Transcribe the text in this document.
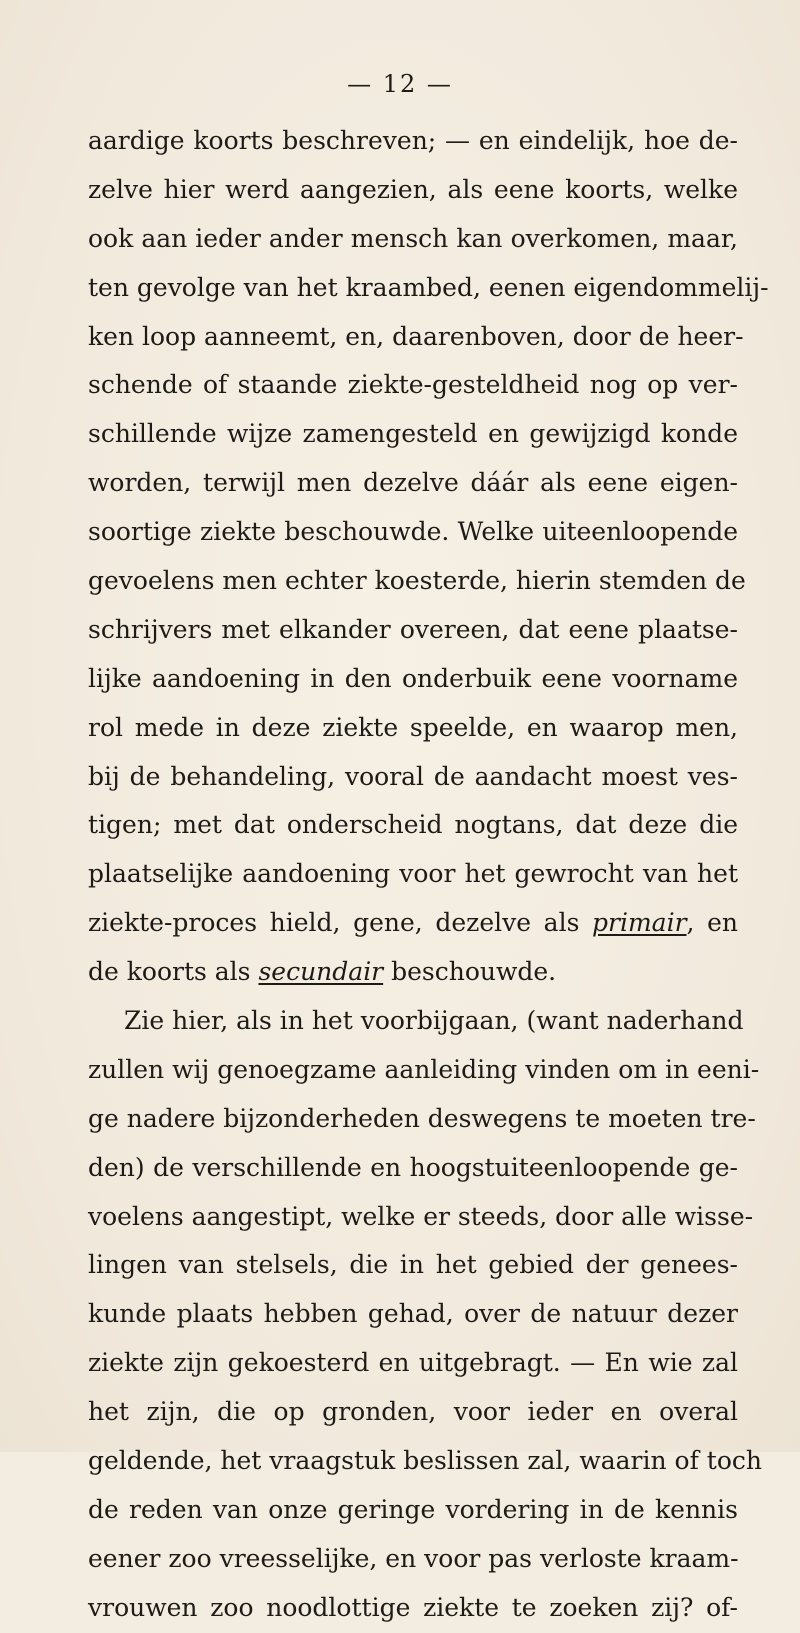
— 12 —
aardige koorts beschreven; — en eindelijk, hoe de-
zelve hier werd aangezien, als eene koorts, welke
ook aan ieder ander mensch kan overkomen, maar,
ten gevolge van het kraambed, eenen eigendommelij-
ken loop aanneemt, en, daarenboven, door de heer-
schende of staande ziekte-gesteldheid nog op ver-
schillende wijze zamengesteld en gewijzigd konde
worden, terwijl men dezelve dáár als eene eigen-
soortige ziekte beschouwde. Welke uiteenloopende
gevoelens men echter koesterde, hierin stemden de
schrijvers met elkander overeen, dat eene plaatse-
lijke aandoening in den onderbuik eene voorname
rol mede in deze ziekte speelde, en waarop men,
bij de behandeling, vooral de aandacht moest ves-
tigen; met dat onderscheid nogtans, dat deze die
plaatselijke aandoening voor het gewrocht van het
ziekte-proces hield, gene, dezelve als primair, en
de koorts als secundair beschouwde.
Zie hier, als in het voorbijgaan, (want naderhand
zullen wij genoegzame aanleiding vinden om in eeni-
ge nadere bijzonderheden deswegens te moeten tre-
den) de verschillende en hoogstuiteenloopende ge-
voelens aangestipt, welke er steeds, door alle wisse-
lingen van stelsels, die in het gebied der genees-
kunde plaats hebben gehad, over de natuur dezer
ziekte zijn gekoesterd en uitgebragt. — En wie zal
het zijn, die op gronden, voor ieder en overal
geldende, het vraagstuk beslissen zal, waarin of toch
de reden van onze geringe vordering in de kennis
eener zoo vreesselijke, en voor pas verloste kraam-
vrouwen zoo noodlottige ziekte te zoeken zij? of-
